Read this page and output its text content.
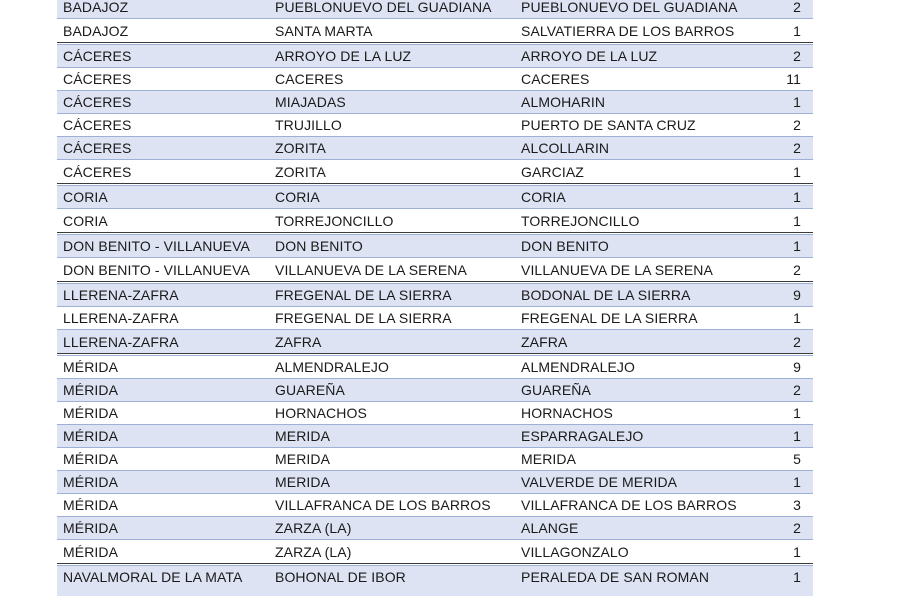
BADAJOZ	PUEBLONUEVO DEL GUADIANA	PUEBLONUEVO DEL GUADIANA	2
BADAJOZ	SANTA MARTA	SALVATIERRA DE LOS BARROS	1
CÁCERES	ARROYO DE LA LUZ	ARROYO DE LA LUZ	2
CÁCERES	CACERES	CACERES	11
CÁCERES	MIAJADAS	ALMOHARIN	1
CÁCERES	TRUJILLO	PUERTO DE SANTA CRUZ	2
CÁCERES	ZORITA	ALCOLLARIN	2
CÁCERES	ZORITA	GARCIAZ	1
CORIA	CORIA	CORIA	1
CORIA	TORREJONCILLO	TORREJONCILLO	1
DON BENITO - VILLANUEVA	DON BENITO	DON BENITO	1
DON BENITO - VILLANUEVA	VILLANUEVA DE LA SERENA	VILLANUEVA DE LA SERENA	2
LLERENA-ZAFRA	FREGENAL DE LA SIERRA	BODONAL DE LA SIERRA	9
LLERENA-ZAFRA	FREGENAL DE LA SIERRA	FREGENAL DE LA SIERRA	1
LLERENA-ZAFRA	ZAFRA	ZAFRA	2
MÉRIDA	ALMENDRALEJO	ALMENDRALEJO	9
MÉRIDA	GUAREÑA	GUAREÑA	2
MÉRIDA	HORNACHOS	HORNACHOS	1
MÉRIDA	MERIDA	ESPARRAGALEJO	1
MÉRIDA	MERIDA	MERIDA	5
MÉRIDA	MERIDA	VALVERDE DE MERIDA	1
MÉRIDA	VILLAFRANCA DE LOS BARROS	VILLAFRANCA DE LOS BARROS	3
MÉRIDA	ZARZA (LA)	ALANGE	2
MÉRIDA	ZARZA (LA)	VILLAGONZALO	1
NAVALMORAL DE LA MATA	BOHONAL DE IBOR	PERALEDA DE SAN ROMAN	1
